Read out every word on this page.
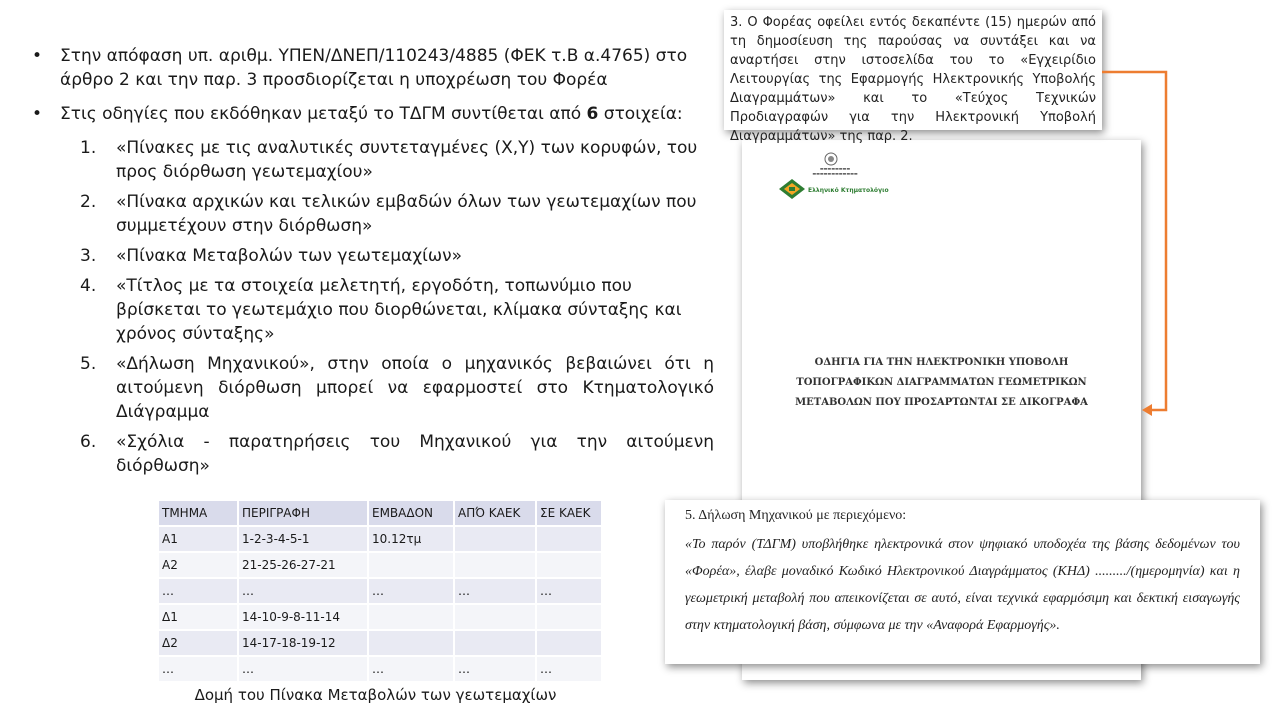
• Στην απόφαση υπ. αριθμ. ΥΠΕΝ/ΔΝΕΠ/110243/4885 (ΦΕΚ τ.Β α.4765) στο άρθρο 2 και την παρ. 3 προσδιορίζεται η υποχρέωση του Φορέα
• Στις οδηγίες που εκδόθηκαν μεταξύ το ΤΔΓΜ συντίθεται από 6 στοιχεία:
1. «Πίνακες με τις αναλυτικές συντεταγμένες (Χ,Υ) των κορυφών, του προς διόρθωση γεωτεμαχίου»
2. «Πίνακα αρχικών και τελικών εμβαδών όλων των γεωτεμαχίων που συμμετέχουν στην διόρθωση»
3. «Πίνακα Μεταβολών των γεωτεμαχίων»
4. «Τίτλος με τα στοιχεία μελετητή, εργοδότη, τοπωνύμιο που βρίσκεται το γεωτεμάχιο που διορθώνεται, κλίμακα σύνταξης και χρόνος σύνταξης»
5. «Δήλωση Μηχανικού», στην οποία ο μηχανικός βεβαιώνει ότι η αιτούμενη διόρθωση μπορεί να εφαρμοστεί στο Κτηματολογικό Διάγραμμα
6. «Σχόλια - παρατηρήσεις του Μηχανικού για την αιτούμενη διόρθωση»
ΤΜΗΜΑ	ΠΕΡΙΓΡΑΦΗ	ΕΜΒΑΔΟΝ	ΑΠΌ ΚΑΕΚ	ΣΕ ΚΑΕΚ
Α1	1-2-3-4-5-1	10.12τμ		
Α2	21-25-26-27-21			
…	…	…	…	…
Δ1	14-10-9-8-11-14			
Δ2	14-17-18-19-12			
…	…	…	…	…
Δομή του Πίνακα Μεταβολών των γεωτεμαχίων
▬▬▬▬▬▬▬▬
▬▬▬▬▬▬▬▬▬▬▬▬
Ελληνικό Κτηματολόγιο
ΟΔΗΓΙΑ ΓΙΑ ΤΗΝ ΗΛΕΚΤΡΟΝΙΚΗ ΥΠΟΒΟΛΗ
ΤΟΠΟΓΡΑΦΙΚΩΝ ΔΙΑΓΡΑΜΜΑΤΩΝ ΓΕΩΜΕΤΡΙΚΩΝ
ΜΕΤΑΒΟΛΩΝ ΠΟΥ ΠΡΟΣΑΡΤΩΝΤΑΙ ΣΕ ΔΙΚΟΓΡΑΦΑ
3. Ο Φορέας οφείλει εντός δεκαπέντε (15) ημερών από τη δημοσίευση της παρούσας να συντάξει και να αναρτήσει στην ιστοσελίδα του το «Εγχειρίδιο Λειτουργίας της Εφαρμογής Ηλεκτρονικής Υποβολής Διαγραμμάτων» και το «Τεύχος Τεχνικών Προδιαγραφών για την Ηλεκτρονική Υποβολή Διαγραμμάτων» της παρ. 2.
5. Δήλωση Μηχανικού με περιεχόμενο:
«Το παρόν (ΤΔΓΜ) υποβλήθηκε ηλεκτρονικά στον ψηφιακό υποδοχέα της βάσης δεδομένων του «Φορέα», έλαβε μοναδικό Κωδικό Ηλεκτρονικού Διαγράμματος (ΚΗΔ) ........./(ημερομηνία) και η γεωμετρική μεταβολή που απεικονίζεται σε αυτό, είναι τεχνικά εφαρμόσιμη και δεκτική εισαγωγής στην κτηματολογική βάση, σύμφωνα με την «Αναφορά Εφαρμογής».
